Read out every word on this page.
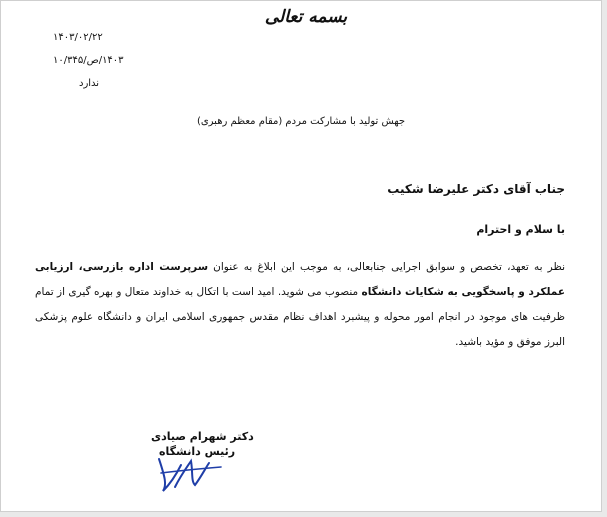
بسمه تعالی
۱۴۰۳/۰۲/۲۲
۱۴۰۳/ص/۱۰/۳۴۵
ندارد
جهش تولید با مشارکت مردم (مقام معظم رهبری)
جناب آقای دکتر علیرضا شکیب
با سلام و احترام
نظر به تعهد، تخصص و سوابق اجرایی جنابعالی، به موجب این ابلاغ به عنوان سرپرست اداره بازرسی، ارزیابی عملکرد و پاسخگویی به شکایات دانشگاه منصوب می شوید. امید است با اتکال به خداوند متعال و بهره گیری از تمام ظرفیت های موجود در انجام امور محوله و پیشبرد اهداف نظام مقدس جمهوری اسلامی ایران و دانشگاه علوم پزشکی البرز موفق و مؤید باشید.
دکتر شهرام صیادی
رئیس دانشگاه
